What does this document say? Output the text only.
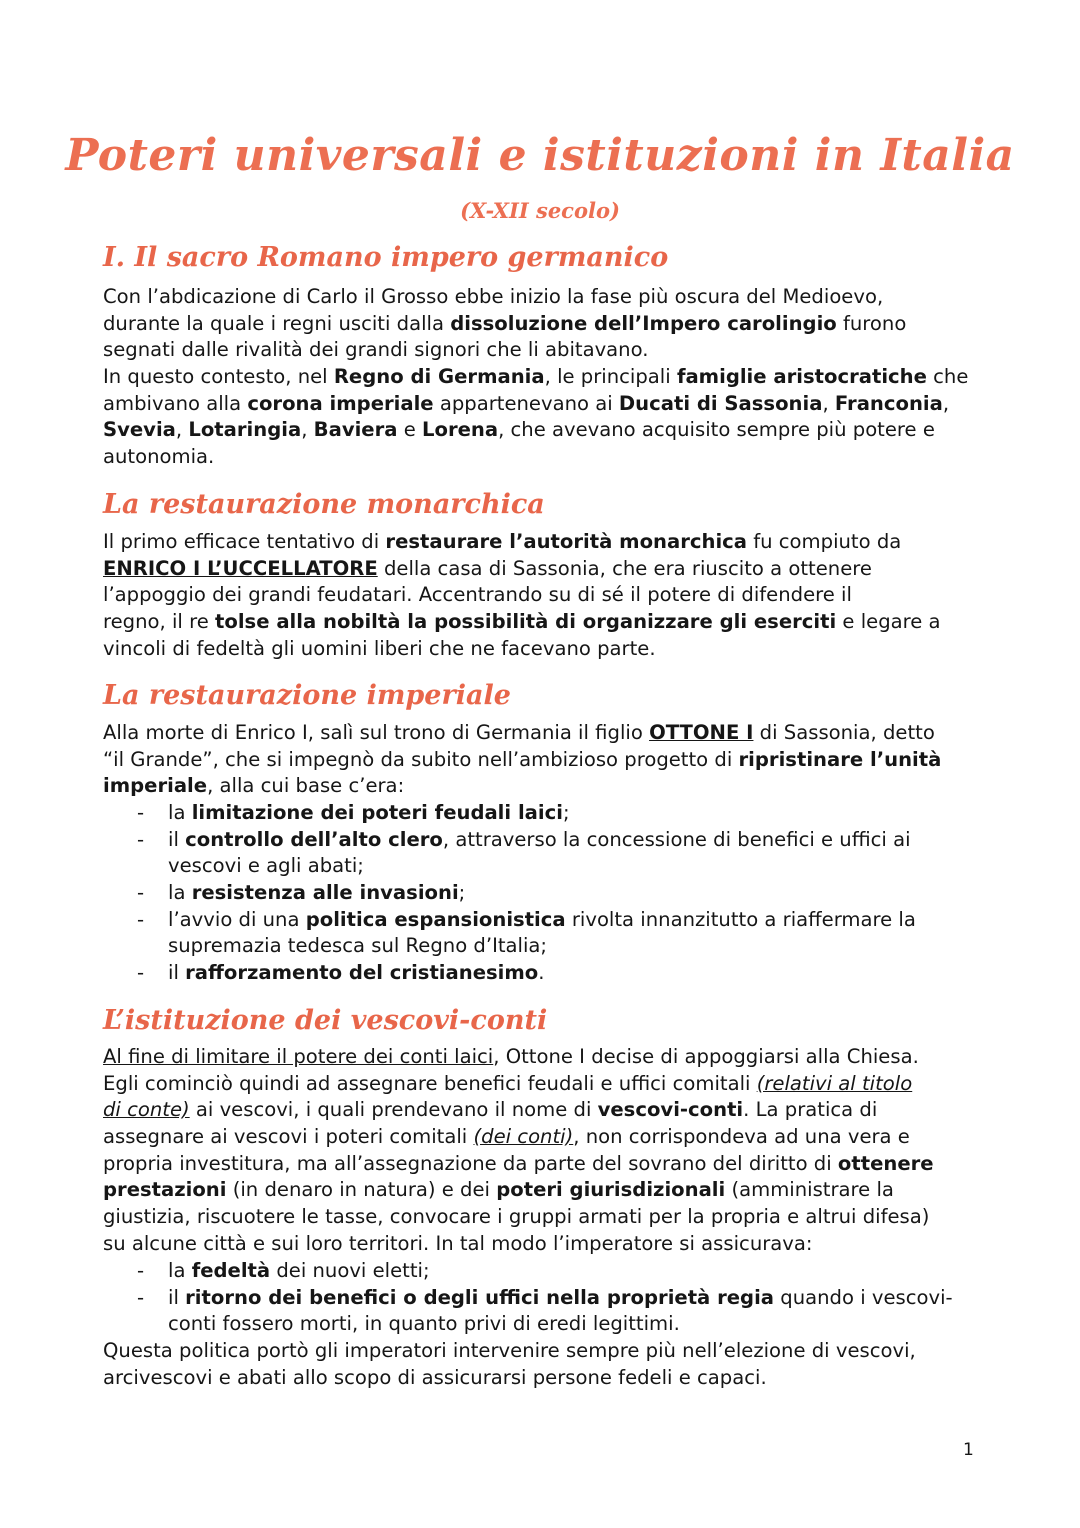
Poteri universali e istituzioni in Italia
(X-XII secolo)
I. Il sacro Romano impero germanico
Con l’abdicazione di Carlo il Grosso ebbe inizio la fase più oscura del Medioevo,
durante la quale i regni usciti dalla dissoluzione dell’Impero carolingio furono
segnati dalle rivalità dei grandi signori che li abitavano.
In questo contesto, nel Regno di Germania, le principali famiglie aristocratiche che
ambivano alla corona imperiale appartenevano ai Ducati di Sassonia, Franconia,
Svevia, Lotaringia, Baviera e Lorena, che avevano acquisito sempre più potere e
autonomia.
La restaurazione monarchica
Il primo efficace tentativo di restaurare l’autorità monarchica fu compiuto da
ENRICO I L’UCCELLATORE della casa di Sassonia, che era riuscito a ottenere
l’appoggio dei grandi feudatari. Accentrando su di sé il potere di difendere il
regno, il re tolse alla nobiltà la possibilità di organizzare gli eserciti e legare a
vincoli di fedeltà gli uomini liberi che ne facevano parte.
La restaurazione imperiale
Alla morte di Enrico I, salì sul trono di Germania il figlio OTTONE I di Sassonia, detto
“il Grande”, che si impegnò da subito nell’ambizioso progetto di ripristinare l’unità
imperiale, alla cui base c’era:
- la limitazione dei poteri feudali laici;
- il controllo dell’alto clero, attraverso la concessione di benefici e uffici ai
vescovi e agli abati;
- la resistenza alle invasioni;
- l’avvio di una politica espansionistica rivolta innanzitutto a riaffermare la
supremazia tedesca sul Regno d’Italia;
- il rafforzamento del cristianesimo.
L’istituzione dei vescovi-conti
Al fine di limitare il potere dei conti laici, Ottone I decise di appoggiarsi alla Chiesa.
Egli cominciò quindi ad assegnare benefici feudali e uffici comitali (relativi al titolo
di conte) ai vescovi, i quali prendevano il nome di vescovi-conti. La pratica di
assegnare ai vescovi i poteri comitali (dei conti), non corrispondeva ad una vera e
propria investitura, ma all’assegnazione da parte del sovrano del diritto di ottenere
prestazioni (in denaro in natura) e dei poteri giurisdizionali (amministrare la
giustizia, riscuotere le tasse, convocare i gruppi armati per la propria e altrui difesa)
su alcune città e sui loro territori. In tal modo l’imperatore si assicurava:
- la fedeltà dei nuovi eletti;
- il ritorno dei benefici o degli uffici nella proprietà regia quando i vescovi-
conti fossero morti, in quanto privi di eredi legittimi.
Questa politica portò gli imperatori intervenire sempre più nell’elezione di vescovi,
arcivescovi e abati allo scopo di assicurarsi persone fedeli e capaci.
1
